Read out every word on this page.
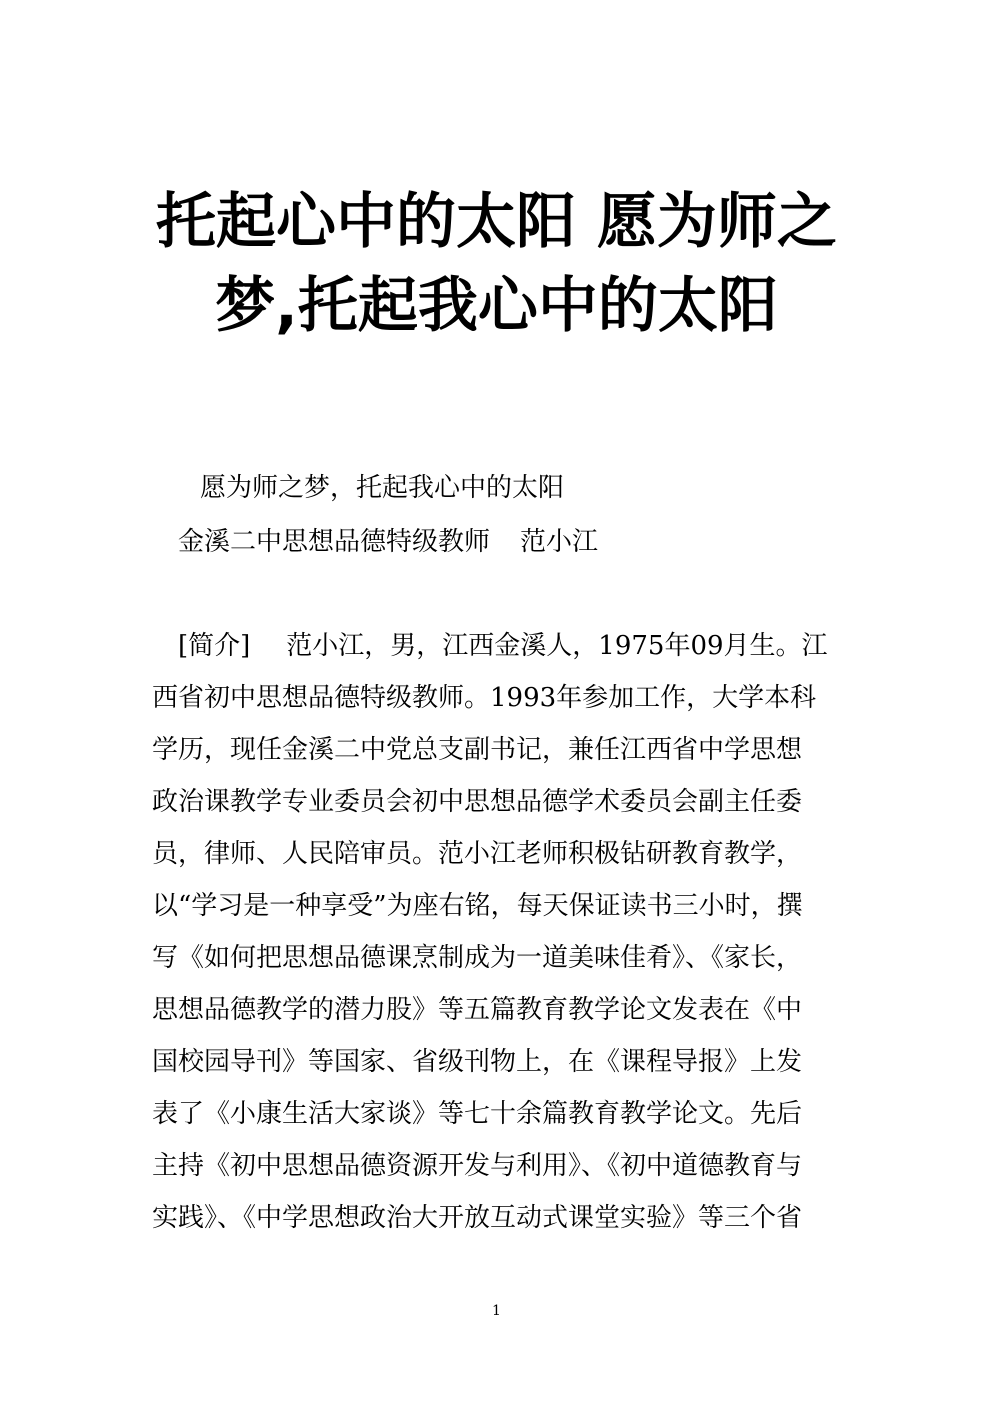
托起心中的太阳 愿为师之
梦,托起我心中的太阳
愿为师之梦，托起我心中的太阳
金溪二中思想品德特级教师 范小江
[简介] 范小江，男，江西金溪人，1975年09月生。江
西省初中思想品德特级教师。1993年参加工作，大学本科
学历，现任金溪二中党总支副书记，兼任江西省中学思想
政治课教学专业委员会初中思想品德学术委员会副主任委
员，律师、人民陪审员。范小江老师积极钻研教育教学，
以“学习是一种享受”为座右铭，每天保证读书三小时，撰
写《如何把思想品德课烹制成为一道美味佳肴》、《家长，
思想品德教学的潜力股》等五篇教育教学论文发表在《中
国校园导刊》等国家、省级刊物上，在《课程导报》上发
表了《小康生活大家谈》等七十余篇教育教学论文。先后
主持《初中思想品德资源开发与利用》、《初中道德教育与
实践》、《中学思想政治大开放互动式课堂实验》等三个省
1
